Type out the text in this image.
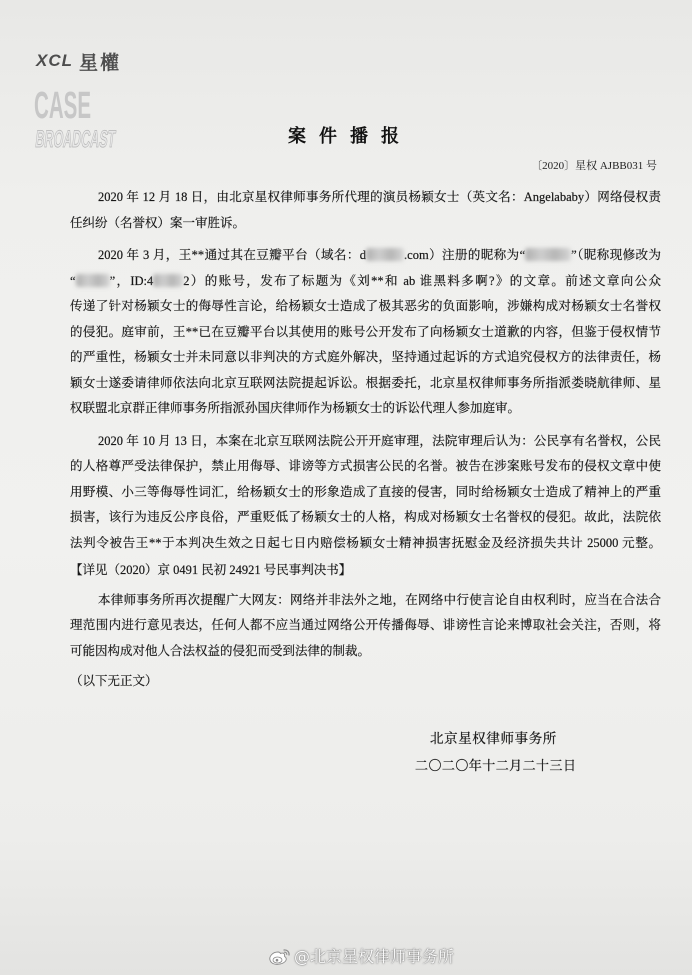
XCL 星權
CASE
BROADCAST	案件播报
〔2020〕星权 AJBB031 号
2020 年 12 月 18 日，由北京星权律师事务所代理的演员杨颖女士（英文名：Angelababy）网络侵权责
任纠纷（名誉权）案一审胜诉。
2020 年 3 月，王**通过其在豆瓣平台（域名：d	.com）注册的昵称为“	”（昵称现修改为
“	”，ID:4 2）的账号，发布了标题为《刘**和 ab 谁黑料多啊?》的文章。前述文章向公众
传递了针对杨颖女士的侮辱性言论，给杨颖女士造成了极其恶劣的负面影响，涉嫌构成对杨颖女士名誉权
的侵犯。庭审前，王**已在豆瓣平台以其使用的账号公开发布了向杨颖女士道歉的内容，但鉴于侵权情节
的严重性，杨颖女士并未同意以非判决的方式庭外解决，坚持通过起诉的方式追究侵权方的法律责任，杨
颖女士遂委请律师依法向北京互联网法院提起诉讼。根据委托，北京星权律师事务所指派娄晓航律师、星
权联盟北京群正律师事务所指派孙国庆律师作为杨颖女士的诉讼代理人参加庭审。
2020 年 10 月 13 日，本案在北京互联网法院公开开庭审理，法院审理后认为：公民享有名誉权，公民
的人格尊严受法律保护，禁止用侮辱、诽谤等方式损害公民的名誉。被告在涉案账号发布的侵权文章中使
用野模、小三等侮辱性词汇，给杨颖女士的形象造成了直接的侵害，同时给杨颖女士造成了精神上的严重
损害，该行为违反公序良俗，严重贬低了杨颖女士的人格，构成对杨颖女士名誉权的侵犯。故此，法院依
法判令被告王**于本判决生效之日起七日内赔偿杨颖女士精神损害抚慰金及经济损失共计 25000 元整。
【详见（2020）京 0491 民初 24921 号民事判决书】
本律师事务所再次提醒广大网友：网络并非法外之地，在网络中行使言论自由权利时，应当在合法合
理范围内进行意见表达，任何人都不应当通过网络公开传播侮辱、诽谤性言论来博取社会关注，否则，将
可能因构成对他人合法权益的侵犯而受到法律的制裁。
（以下无正文）
北京星权律师事务所
二〇二〇年十二月二十三日
@北京星权律师事务所
